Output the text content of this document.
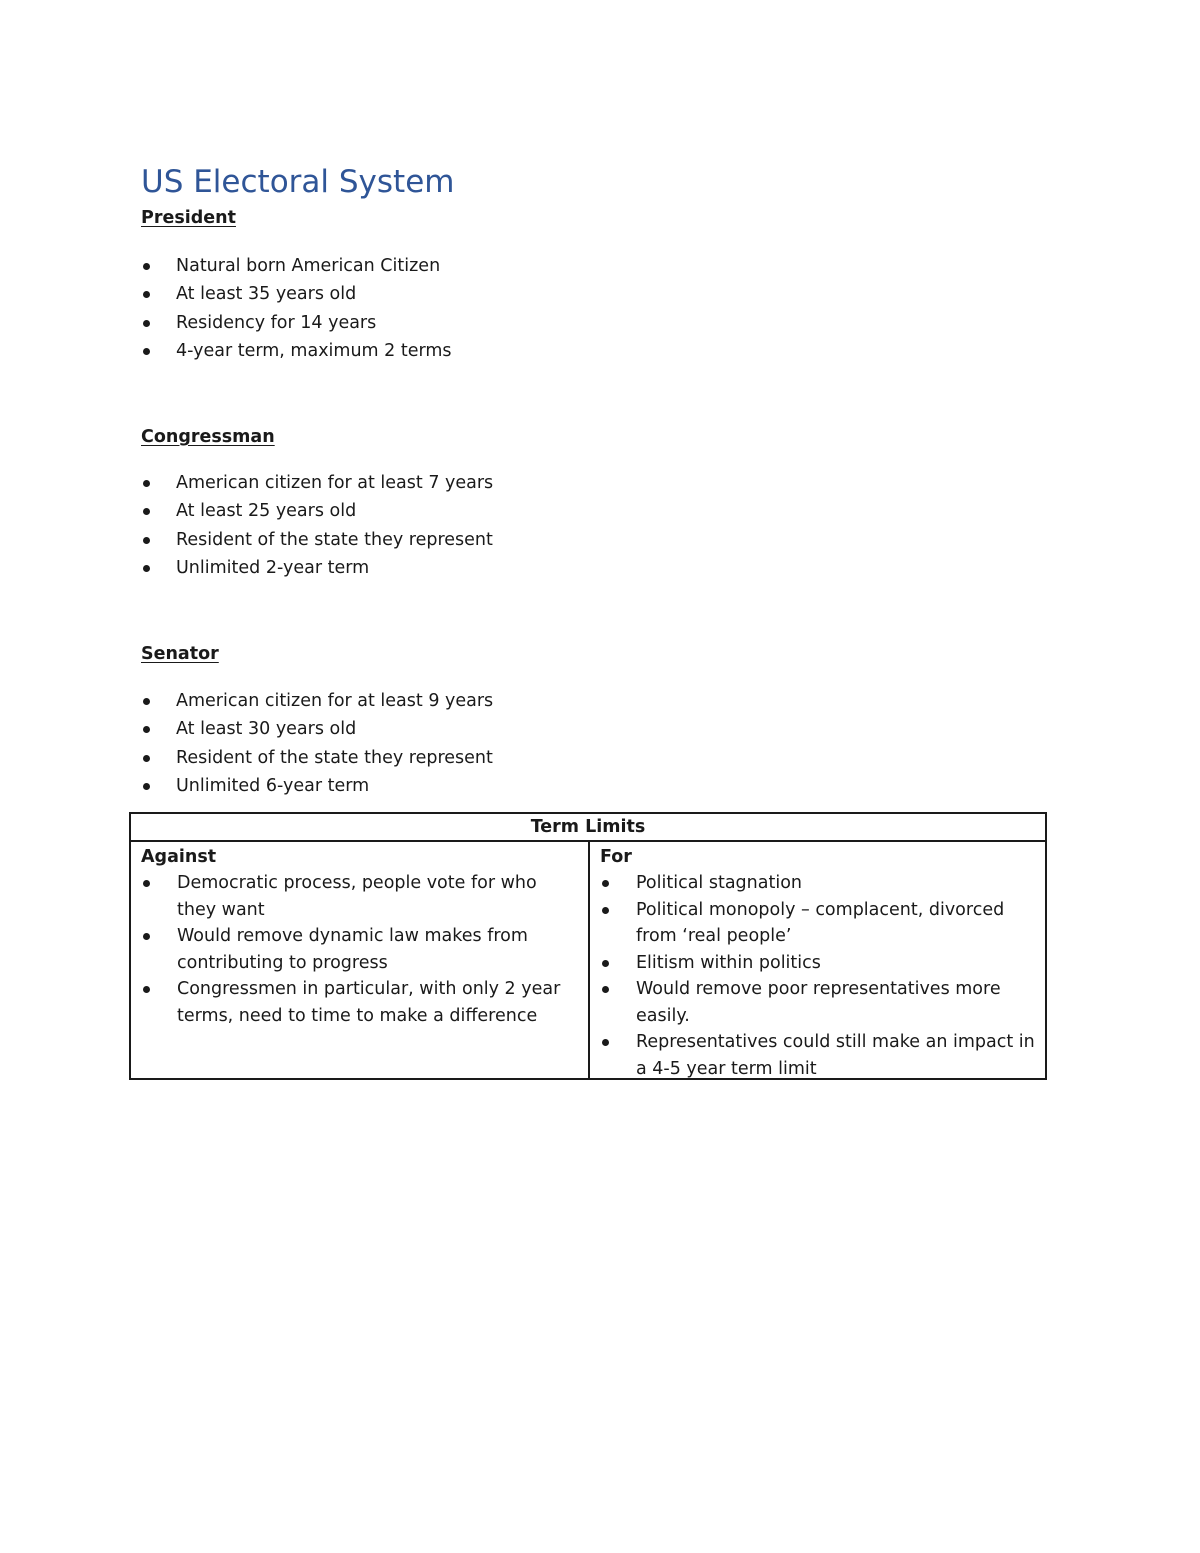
US Electoral System
President
Natural born American Citizen
At least 35 years old
Residency for 14 years
4-year term, maximum 2 terms
Congressman
American citizen for at least 7 years
At least 25 years old
Resident of the state they represent
Unlimited 2-year term
Senator
American citizen for at least 9 years
At least 30 years old
Resident of the state they represent
Unlimited 6-year term
Term Limits
Against
Democratic process, people vote for who they want
Would remove dynamic law makes from contributing to progress
Congressmen in particular, with only 2 year terms, need to time to make a difference
For
Political stagnation
Political monopoly – complacent, divorced from ‘real people’
Elitism within politics
Would remove poor representatives more easily.
Representatives could still make an impact in a 4-5 year term limit
